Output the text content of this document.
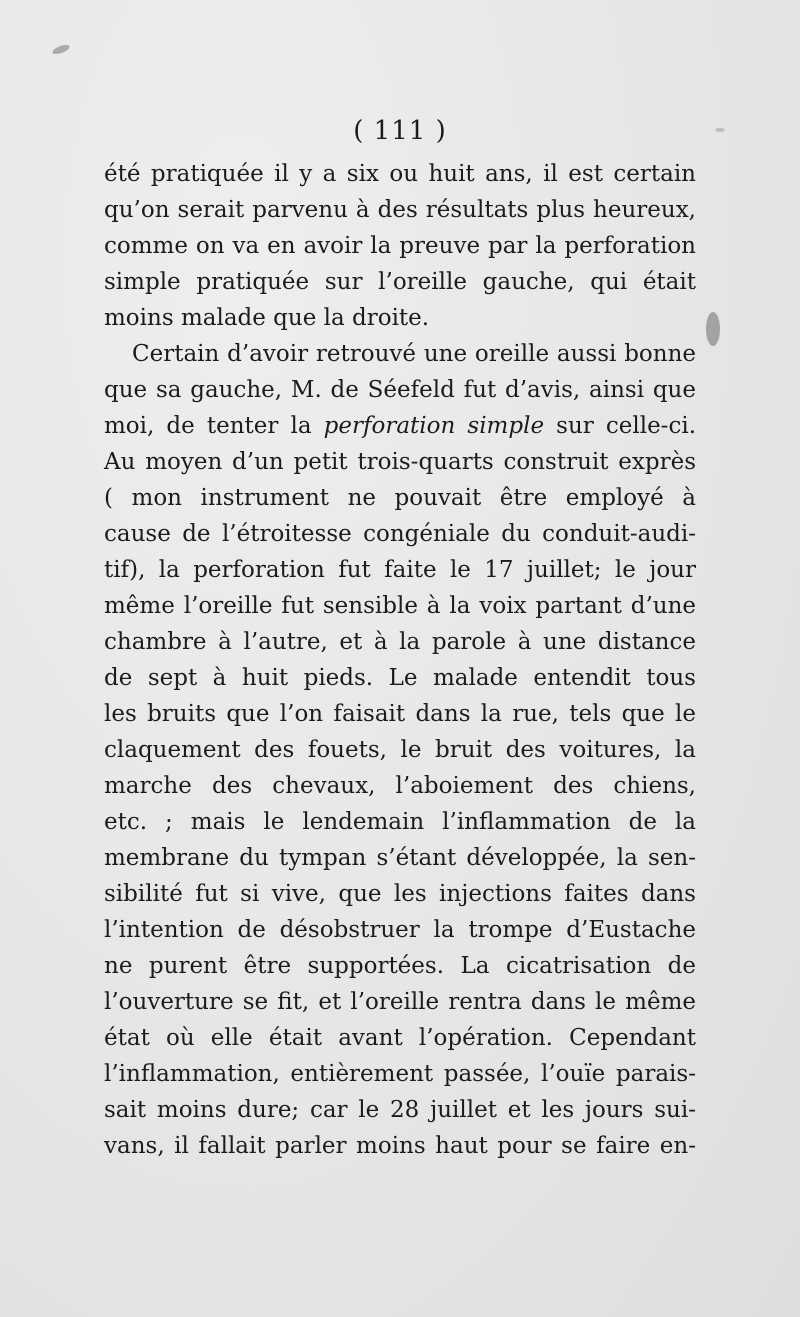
( 111 )
été pratiquée il y a six ou huit ans, il est certain
qu’on serait parvenu à des résultats plus heureux,
comme on va en avoir la preuve par la perforation
simple pratiquée sur l’oreille gauche, qui était
moins malade que la droite.
Certain d’avoir retrouvé une oreille aussi bonne
que sa gauche, M. de Séefeld fut d’avis, ainsi que
moi, de tenter la perforation simple sur celle-ci.
Au moyen d’un petit trois-quarts construit exprès
( mon instrument ne pouvait être employé à
cause de l’étroitesse congéniale du conduit-audi-
tif), la perforation fut faite le 17 juillet; le jour
même l’oreille fut sensible à la voix partant d’une
chambre à l’autre, et à la parole à une distance
de sept à huit pieds. Le malade entendit tous
les bruits que l’on faisait dans la rue, tels que le
claquement des fouets, le bruit des voitures, la
marche des chevaux, l’aboiement des chiens,
etc. ; mais le lendemain l’inflammation de la
membrane du tympan s’étant développée, la sen-
sibilité fut si vive, que les injections faites dans
l’intention de désobstruer la trompe d’Eustache
ne purent être supportées. La cicatrisation de
l’ouverture se fit, et l’oreille rentra dans le même
état où elle était avant l’opération. Cependant
l’inflammation, entièrement passée, l’ouïe parais-
sait moins dure; car le 28 juillet et les jours sui-
vans, il fallait parler moins haut pour se faire en-
